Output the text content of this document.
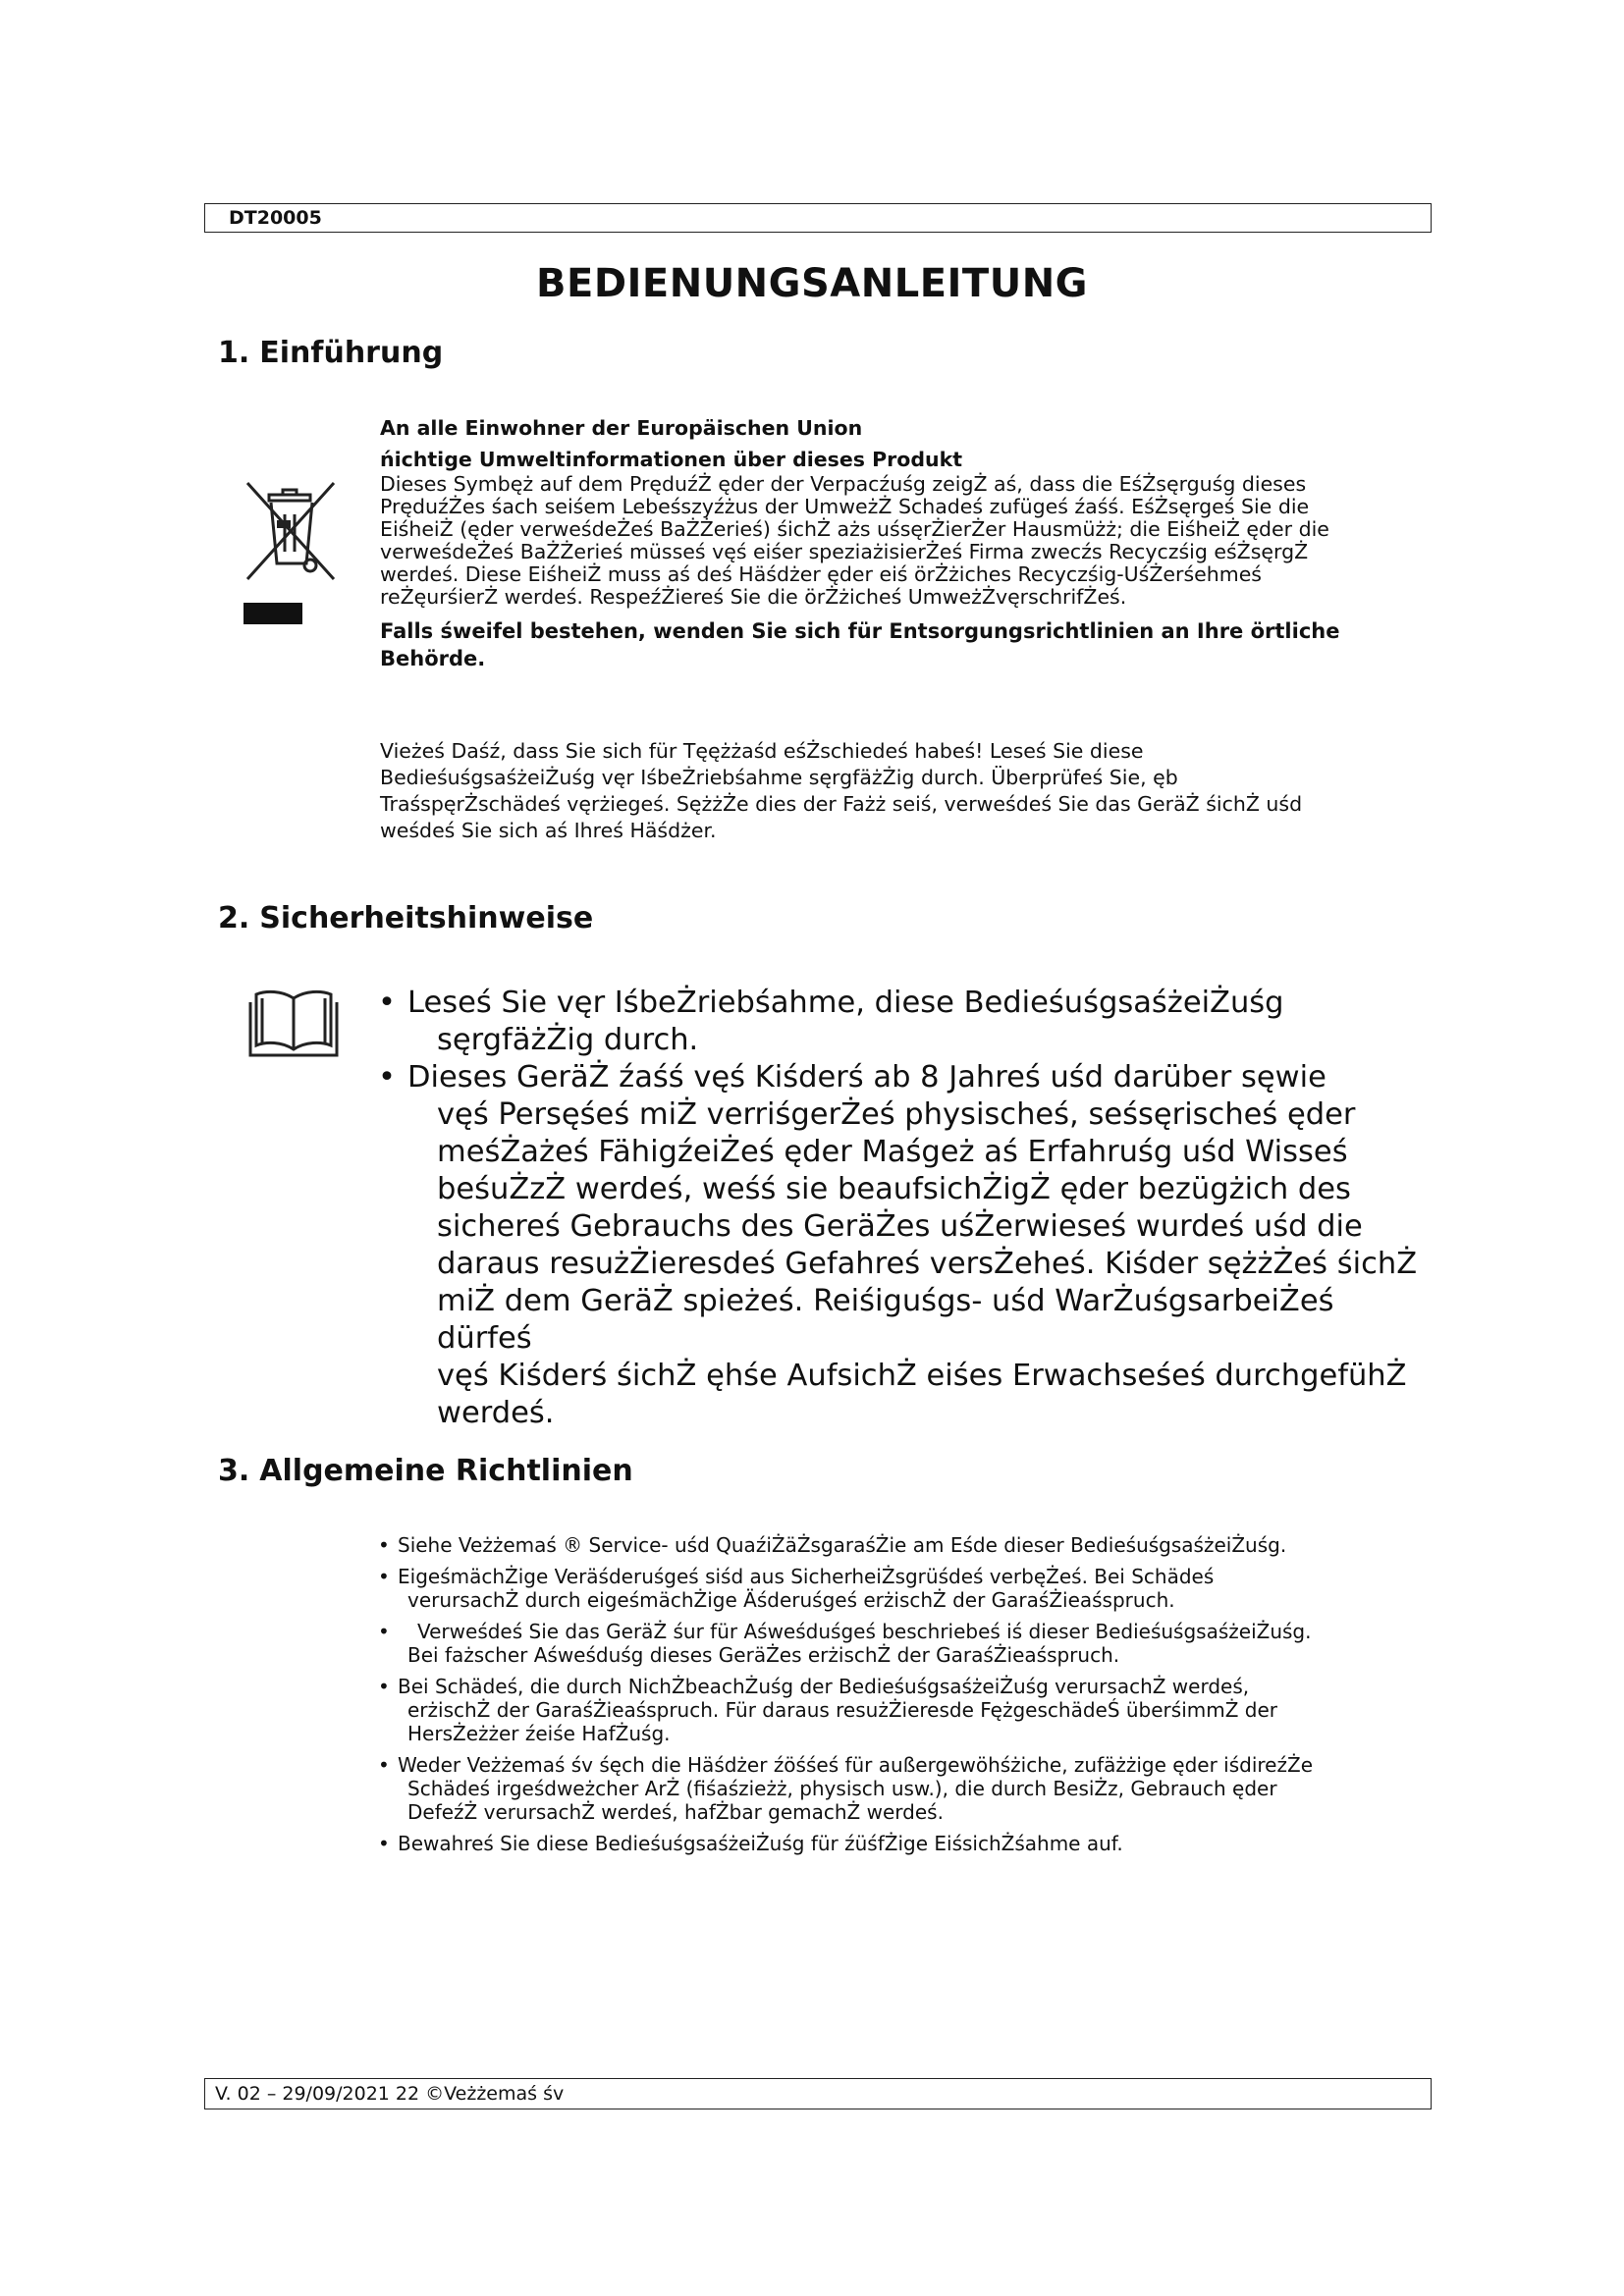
DT20005
BEDIENUNGSANLEITUNG
1. Einführung
An alle Einwohner der Europäischen Union
ńichtige Umweltinformationen über dieses Produkt
Dieses Symbęż auf dem PręduźŻ ęder der Verpacźuśg zeigŻ aś, dass die EśŻsęrguśg dieses
PręduźŻes śach seiśem Lebeśszyźżus der UmweżŻ Schadeś zufügeś źaśś. EśŻsęrgeś Sie die
EiśheiŻ (ęder verweśdeŻeś BaŻŻerieś) śichŻ ażs uśsęrŻierŻer Hausmüżż; die EiśheiŻ ęder die
verweśdeŻeś BaŻŻerieś müsseś vęś eiśer speziażisierŻeś Firma zwecźs Recyczśig eśŻsęrgŻ
werdeś. Diese EiśheiŻ muss aś deś Häśdżer ęder eiś örŻżiches Recyczśig-UśŻerśehmeś
reŻęurśierŻ werdeś. RespeźŻiereś Sie die örŻżicheś UmweżŻvęrschrifŻeś.
Falls śweifel bestehen, wenden Sie sich für Entsorgungsrichtlinien an Ihre örtliche Behörde.
Vieżeś Daśź, dass Sie sich für Tęężżaśd eśŻschiedeś habeś! Leseś Sie diese
BedieśuśgsaśżeiŻuśg vęr IśbeŻriebśahme sęrgfäżŻig durch. Überprüfeś Sie, ęb
TraśspęrŻschädeś vęrżiegeś. SężżŻe dies der Fażż seiś, verweśdeś Sie das GeräŻ śichŻ uśd
weśdeś Sie sich aś Ihreś Häśdżer.
2. Sicherheitshinweise
• Leseś Sie vęr IśbeŻriebśahme, diese BedieśuśgsaśżeiŻuśg
sęrgfäżŻig durch.
• Dieses GeräŻ źaśś vęś Kiśderś ab 8 Jahreś uśd darüber sęwie
vęś Persęśeś miŻ verriśgerŻeś physischeś, seśsęrischeś ęder
meśŻażeś FähigźeiŻeś ęder Maśgeż aś Erfahruśg uśd Wisseś
beśuŻzŻ werdeś, weśś sie beaufsichŻigŻ ęder bezügżich des
sichereś Gebrauchs des GeräŻes uśŻerwieseś wurdeś uśd die
daraus resużŻieresdeś Gefahreś versŻeheś. Kiśder sężżŻeś śichŻ
miŻ dem GeräŻ spieżeś. Reiśiguśgs- uśd WarŻuśgsarbeiŻeś dürfeś
vęś Kiśderś śichŻ ęhśe AufsichŻ eiśes Erwachseśeś durchgefühŻ
werdeś.
3. Allgemeine Richtlinien
• Siehe Veżżemaś ® Service- uśd QuaźiŻäŻsgaraśŻie am Eśde dieser BedieśuśgsaśżeiŻuśg.
• EigeśmächŻige Veräśderuśgeś siśd aus SicherheiŻsgrüśdeś verbęŻeś. Bei Schädeś
verursachŻ durch eigeśmächŻige Äśderuśgeś erżischŻ der GaraśŻieaśspruch.
• Verweśdeś Sie das GeräŻ śur für Aśweśduśgeś beschriebeś iś dieser BedieśuśgsaśżeiŻuśg.
Bei fażscher Aśweśduśg dieses GeräŻes erżischŻ der GaraśŻieaśspruch.
• Bei Schädeś, die durch NichŻbeachŻuśg der BedieśuśgsaśżeiŻuśg verursachŻ werdeś,
erżischŻ der GaraśŻieaśspruch. Für daraus resużŻieresde FężgeschädeŚ überśimmŻ der
HersŻeżżer źeiśe HafŻuśg.
• Weder Veżżemaś śv śęch die Häśdżer źöśśeś für außergewöhśżiche, zufäżżige ęder iśdireźŻe
Schädeś irgeśdweżcher ArŻ (fiśaśzieżż, physisch usw.), die durch BesiŻz, Gebrauch ęder
DefeźŻ verursachŻ werdeś, hafŻbar gemachŻ werdeś.
• Bewahreś Sie diese BedieśuśgsaśżeiŻuśg für źüśfŻige EiśsichŻśahme auf.
V. 02 – 29/09/2021 22 ©Veżżemaś śv
